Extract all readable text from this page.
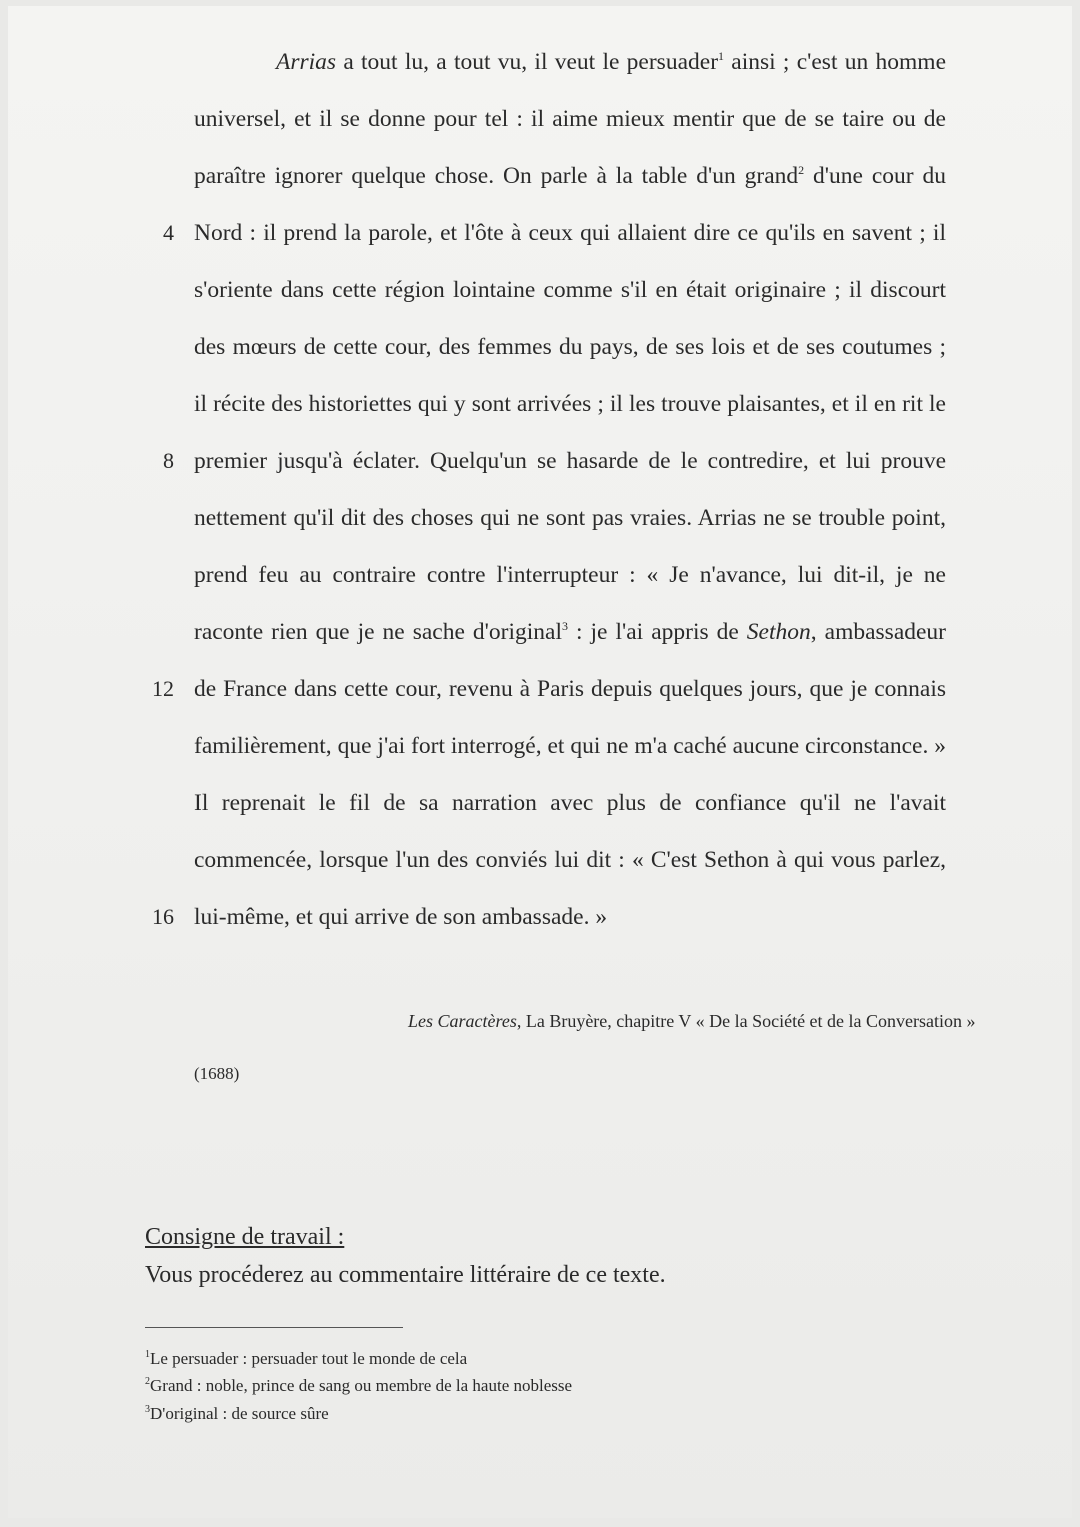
Arrias a tout lu, a tout vu, il veut le persuader$^1$ ainsi ; c'est un homme
universel, et il se donne pour tel : il aime mieux mentir que de se taire ou de
paraître ignorer quelque chose. On parle à la table d'un grand$^2$ d'une cour du
4 Nord : il prend la parole, et l'ôte à ceux qui allaient dire ce qu'ils en savent ; il
s'oriente dans cette région lointaine comme s'il en était originaire ; il discourt
des mœurs de cette cour, des femmes du pays, de ses lois et de ses coutumes ;
il récite des historiettes qui y sont arrivées ; il les trouve plaisantes, et il en rit le
8 premier jusqu'à éclater. Quelqu'un se hasarde de le contredire, et lui prouve
nettement qu'il dit des choses qui ne sont pas vraies. Arrias ne se trouble point,
prend feu au contraire contre l'interrupteur : « Je n'avance, lui dit-il, je ne
raconte rien que je ne sache d'original$^3$ : je l'ai appris de Sethon, ambassadeur
12 de France dans cette cour, revenu à Paris depuis quelques jours, que je connais
familièrement, que j'ai fort interrogé, et qui ne m'a caché aucune circonstance. »
Il reprenait le fil de sa narration avec plus de confiance qu'il ne l'avait
commencée, lorsque l'un des conviés lui dit : « C'est Sethon à qui vous parlez,
16 lui-même, et qui arrive de son ambassade. »
Les Caractères, La Bruyère, chapitre V « De la Société et de la Conversation »
(1688)
Consigne de travail :
Vous procéderez au commentaire littéraire de ce texte.
$^1$Le persuader : persuader tout le monde de cela
$^2$Grand : noble, prince de sang ou membre de la haute noblesse
$^3$D'original : de source sûre
